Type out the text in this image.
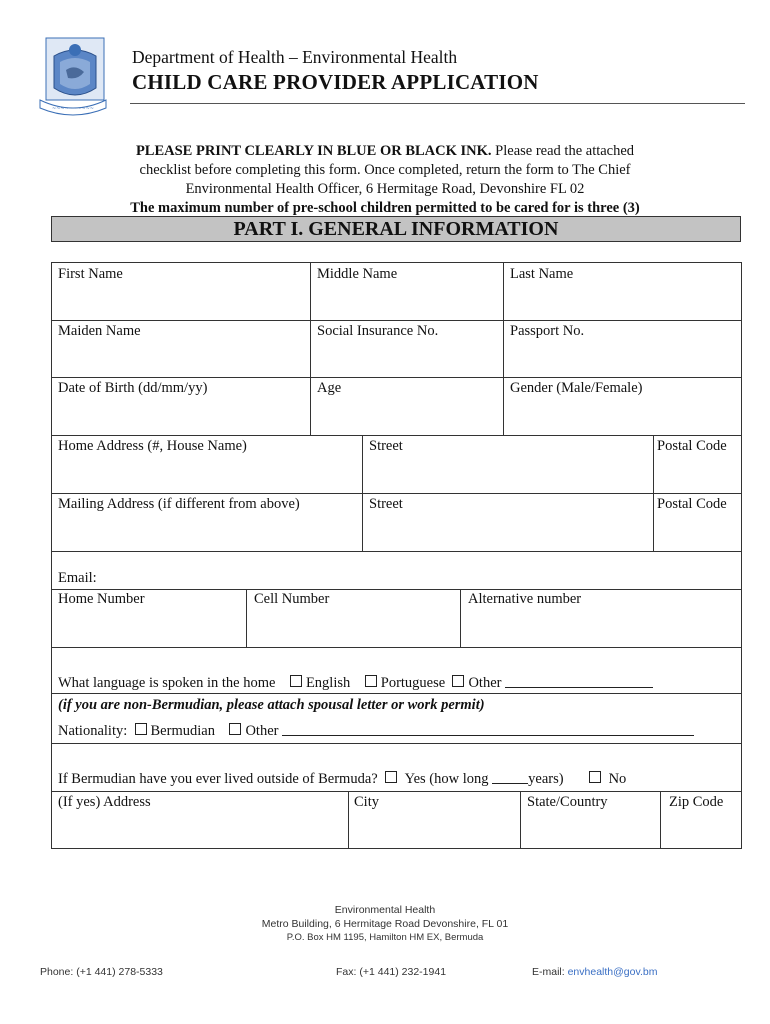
~~~~~~~~~~
Department of Health – Environmental Health
CHILD CARE PROVIDER APPLICATION
PLEASE PRINT CLEARLY IN BLUE OR BLACK INK. Please read the attached
checklist before completing this form. Once completed, return the form to The Chief
Environmental Health Officer, 6 Hermitage Road, Devonshire FL 02
The maximum number of pre-school children permitted to be cared for is three (3)
PART I. GENERAL INFORMATION
First Name	Middle Name	Last Name
Maiden Name	Social Insurance No.	Passport No.
Date of Birth (dd/mm/yy)	Age	Gender (Male/Female)
Home Address (#, House Name)	Street	Postal Code
Mailing Address (if different from above)	Street	Postal Code
Email:
Home Number	Cell Number	Alternative number
What language is spoken in the home English Portuguese Other
(if you are non-Bermudian, please attach spousal letter or work permit)
Nationality: Bermudian Other
If Bermudian have you ever lived outside of Bermuda? Yes (how long	years)	No
(If yes) Address	City	State/Country	Zip Code
Environmental Health
Metro Building, 6 Hermitage Road Devonshire, FL 01
P.O. Box HM 1195, Hamilton HM EX, Bermuda
Phone: (+1 441) 278-5333	Fax: (+1 441) 232-1941	E-mail: envhealth@gov.bm
